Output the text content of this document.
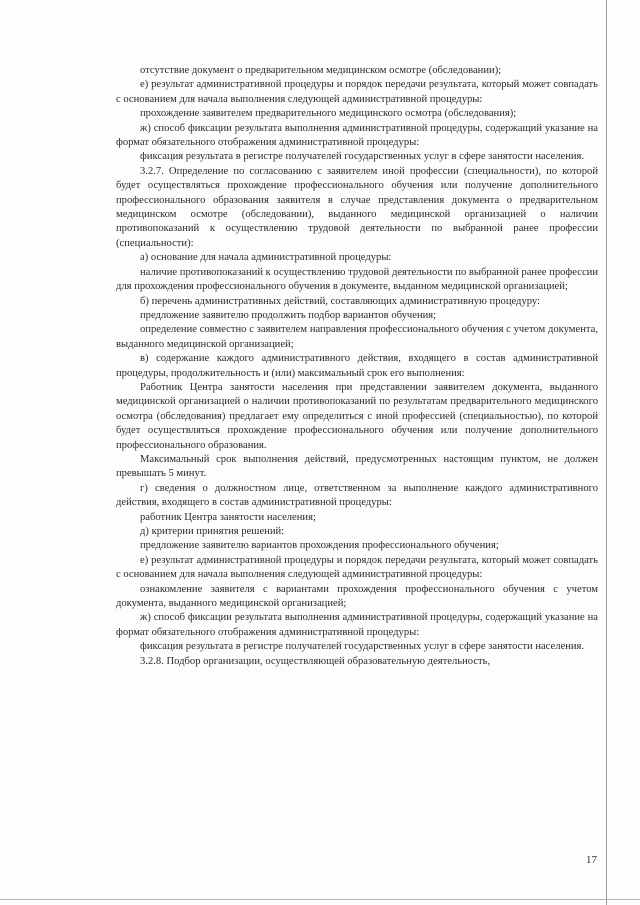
отсутствие документ о предварительном медицинском осмотре (обследовании);

е) результат административной процедуры и порядок передачи результата, который может совпадать с основанием для начала выполнения следующей административной процедуры:

прохождение заявителем предварительного медицинского осмотра (обследования);

ж) способ фиксации результата выполнения административной процедуры, содержащий указание на формат обязательного отображения административной процедуры:

фиксация результата в регистре получателей государственных услуг в сфере занятости населения.

3.2.7. Определение по согласованию с заявителем иной профессии (специальности), по которой будет осуществляться прохождение профессионального обучения или получение дополнительного профессионального образования заявителя в случае представления документа о предварительном медицинском осмотре (обследовании), выданного медицинской организацией о наличии противопоказаний к осуществлению трудовой деятельности по выбранной ранее профессии (специальности):

а) основание для начала административной процедуры:

наличие противопоказаний к осуществлению трудовой деятельности по выбранной ранее профессии для прохождения профессионального обучения в документе, выданном медицинской организацией;

б) перечень административных действий, составляющих административную процедуру:

предложение заявителю продолжить подбор вариантов обучения;

определение совместно с заявителем направления профессионального обучения с учетом документа, выданного медицинской организацией;

в) содержание каждого административного действия, входящего в состав административной процедуры, продолжительность и (или) максимальный срок его выполнения:

Работник Центра занятости населения при представлении заявителем документа, выданного медицинской организацией о наличии противопоказаний по результатам предварительного медицинского осмотра (обследования) предлагает ему определиться с иной профессией (специальностью), по которой будет осуществляться прохождение профессионального обучения или получение дополнительного профессионального образования.

Максимальный срок выполнения действий, предусмотренных настоящим пунктом, не должен превышать 5 минут.

г) сведения о должностном лице, ответственном за выполнение каждого административного действия, входящего в состав административной процедуры:

работник Центра занятости населения;

д) критерии принятия решений:

предложение заявителю вариантов прохождения профессионального обучения;

е) результат административной процедуры и порядок передачи результата, который может совпадать с основанием для начала выполнения следующей административной процедуры:

ознакомление заявителя с вариантами прохождения профессионального обучения с учетом документа, выданного медицинской организацией;

ж) способ фиксации результата выполнения административной процедуры, содержащий указание на формат обязательного отображения административной процедуры:

фиксация результата в регистре получателей государственных услуг в сфере занятости населения.

3.2.8. Подбор организации, осуществляющей образовательную деятельность,

17
